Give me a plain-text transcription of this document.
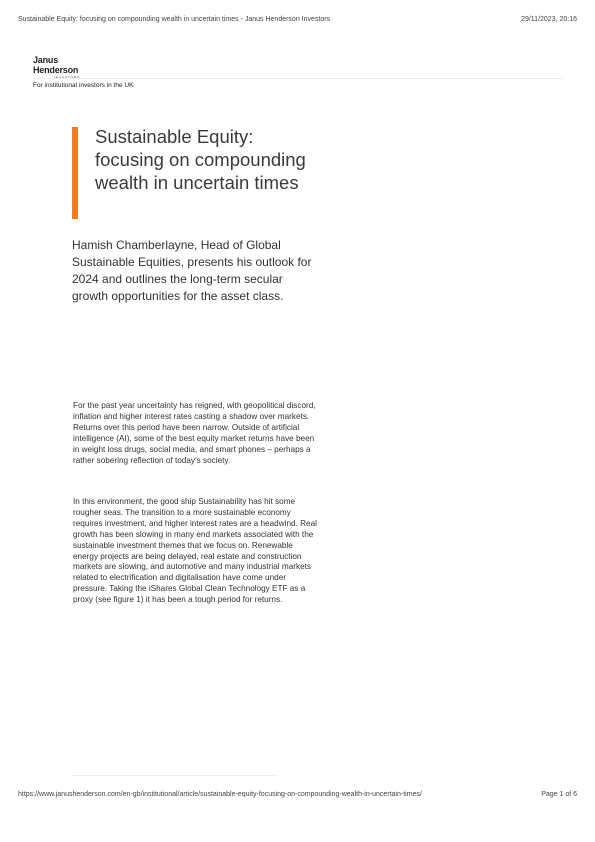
Sustainable Equity: focusing on compounding wealth in uncertain times - Janus Henderson Investors	29/11/2023, 20:16
Janus Henderson
For institutional investors in the UK
Sustainable Equity: focusing on compounding wealth in uncertain times

Hamish Chamberlayne, Head of Global Sustainable Equities, presents his outlook for 2024 and outlines the long-term secular growth opportunities for the asset class.

For the past year uncertainty has reigned, with geopolitical discord, inflation and higher interest rates casting a shadow over markets. Returns over this period have been narrow. Outside of artificial intelligence (AI), some of the best equity market returns have been in weight loss drugs, social media, and smart phones – perhaps a rather sobering reflection of today’s society.

In this environment, the good ship Sustainability has hit some rougher seas. The transition to a more sustainable economy requires investment, and higher interest rates are a headwind. Real growth has been slowing in many end markets associated with the sustainable investment themes that we focus on. Renewable energy projects are being delayed, real estate and construction markets are slowing, and automotive and many industrial markets related to electrification and digitalisation have come under pressure. Taking the iShares Global Clean Technology ETF as a proxy (see figure 1) it has been a tough period for returns.

https://www.janushenderson.com/en-gb/institutional/article/sustainable-equity-focusing-on-compounding-wealth-in-uncertain-times/	Page 1 of 6
